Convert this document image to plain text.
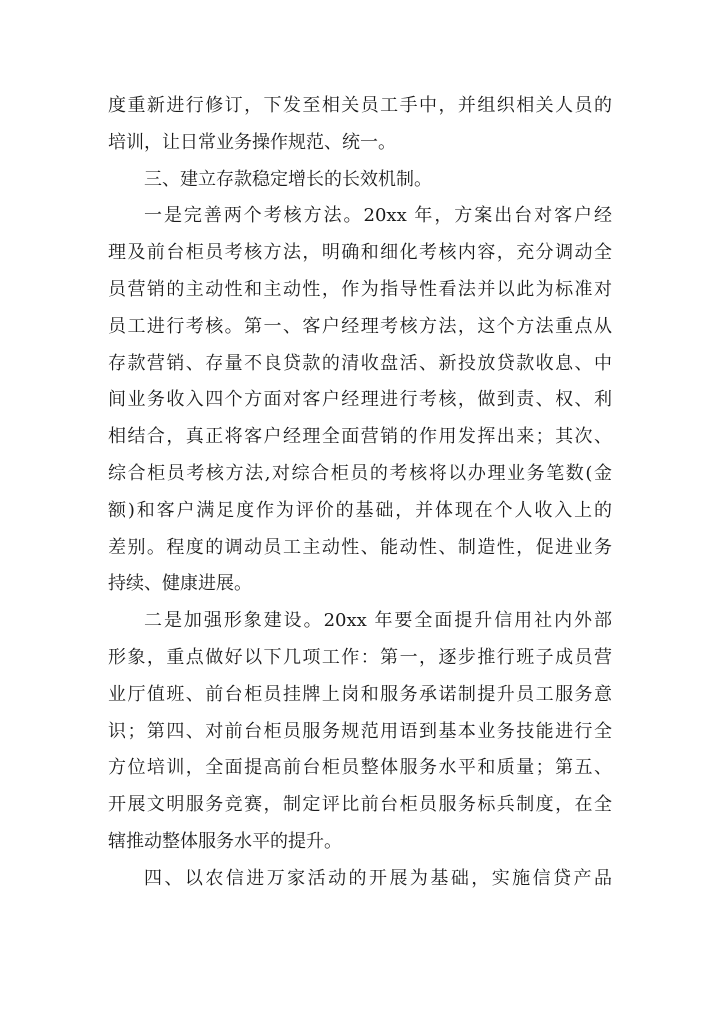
度重新进行修订，下发至相关员工手中，并组织相关人员的
培训，让日常业务操作规范、统一。
三、建立存款稳定增长的长效机制。
一是完善两个考核方法。20xx 年，方案出台对客户经
理及前台柜员考核方法，明确和细化考核内容，充分调动全
员营销的主动性和主动性，作为指导性看法并以此为标准对
员工进行考核。第一、客户经理考核方法，这个方法重点从
存款营销、存量不良贷款的清收盘活、新投放贷款收息、中
间业务收入四个方面对客户经理进行考核，做到责、权、利
相结合，真正将客户经理全面营销的作用发挥出来；其次、
综合柜员考核方法,对综合柜员的考核将以办理业务笔数(金
额)和客户满足度作为评价的基础，并体现在个人收入上的
差别。程度的调动员工主动性、能动性、制造性，促进业务
持续、健康进展。
二是加强形象建设。20xx 年要全面提升信用社内外部
形象，重点做好以下几项工作：第一，逐步推行班子成员营
业厅值班、前台柜员挂牌上岗和服务承诺制提升员工服务意
识；第四、对前台柜员服务规范用语到基本业务技能进行全
方位培训，全面提高前台柜员整体服务水平和质量；第五、
开展文明服务竞赛，制定评比前台柜员服务标兵制度，在全
辖推动整体服务水平的提升。
四、以农信进万家活动的开展为基础，实施信贷产品
